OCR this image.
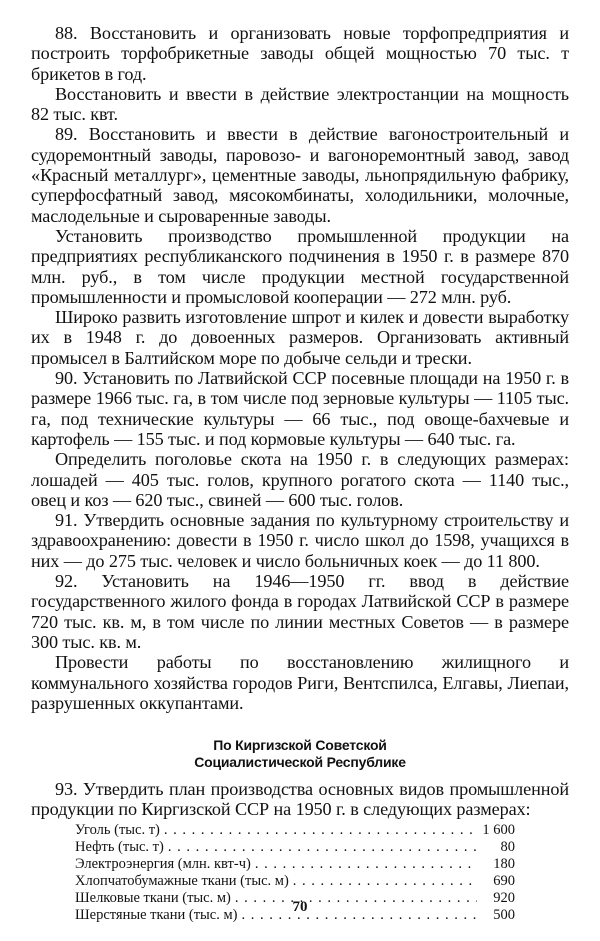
88. Восстановить и организовать новые торфопредприятия и построить торфобрикетные заводы общей мощностью 70 тыс. т брикетов в год.

Восстановить и ввести в действие электростанции на мощность 82 тыс. квт.

89. Восстановить и ввести в действие вагоностроительный и судоремонтный заводы, паровозо- и вагоноремонтный завод, завод «Красный металлург», цементные заводы, льнопрядильную фабрику, суперфосфатный завод, мясокомбинаты, холодильники, молочные, маслодельные и сыроваренные заводы.

Установить производство промышленной продукции на предприятиях республиканского подчинения в 1950 г. в размере 870 млн. руб., в том числе продукции местной государственной промышленности и промысловой кооперации — 272 млн. руб.

Широко развить изготовление шпрот и килек и довести выработку их в 1948 г. до довоенных размеров. Организовать активный промысел в Балтийском море по добыче сельди и трески.

90. Установить по Латвийской ССР посевные площади на 1950 г. в размере 1966 тыс. га, в том числе под зерновые культуры — 1105 тыс. га, под технические культуры — 66 тыс., под овоще-бахчевые и картофель — 155 тыс. и под кормовые культуры — 640 тыс. га.

Определить поголовье скота на 1950 г. в следующих размерах: лошадей — 405 тыс. голов, крупного рогатого скота — 1140 тыс., овец и коз — 620 тыс., свиней — 600 тыс. голов.

91. Утвердить основные задания по культурному строительству и здравоохранению: довести в 1950 г. число школ до 1598, учащихся в них — до 275 тыс. человек и число больничных коек — до 11 800.

92. Установить на 1946—1950 гг. ввод в действие государственного жилого фонда в городах Латвийской ССР в размере 720 тыс. кв. м, в том числе по линии местных Советов — в размере 300 тыс. кв. м.

Провести работы по восстановлению жилищного и коммунального хозяйства городов Риги, Вентспилса, Елгавы, Лиепаи, разрушенных оккупантами.

По Киргизской Советской
Социалистической Республике

93. Утвердить план производства основных видов промышленной продукции по Киргизской ССР на 1950 г. в следующих размерах:

Уголь (тыс. т) . . .	1 600
Нефть (тыс. т) . . .	80
Электроэнергия (млн. квт-ч) . . .	180
Хлопчатобумажные ткани (тыс. м) . . .	690
Шелковые ткани (тыс. м) . . .	920
Шерстяные ткани (тыс. м) . . .	500
70
